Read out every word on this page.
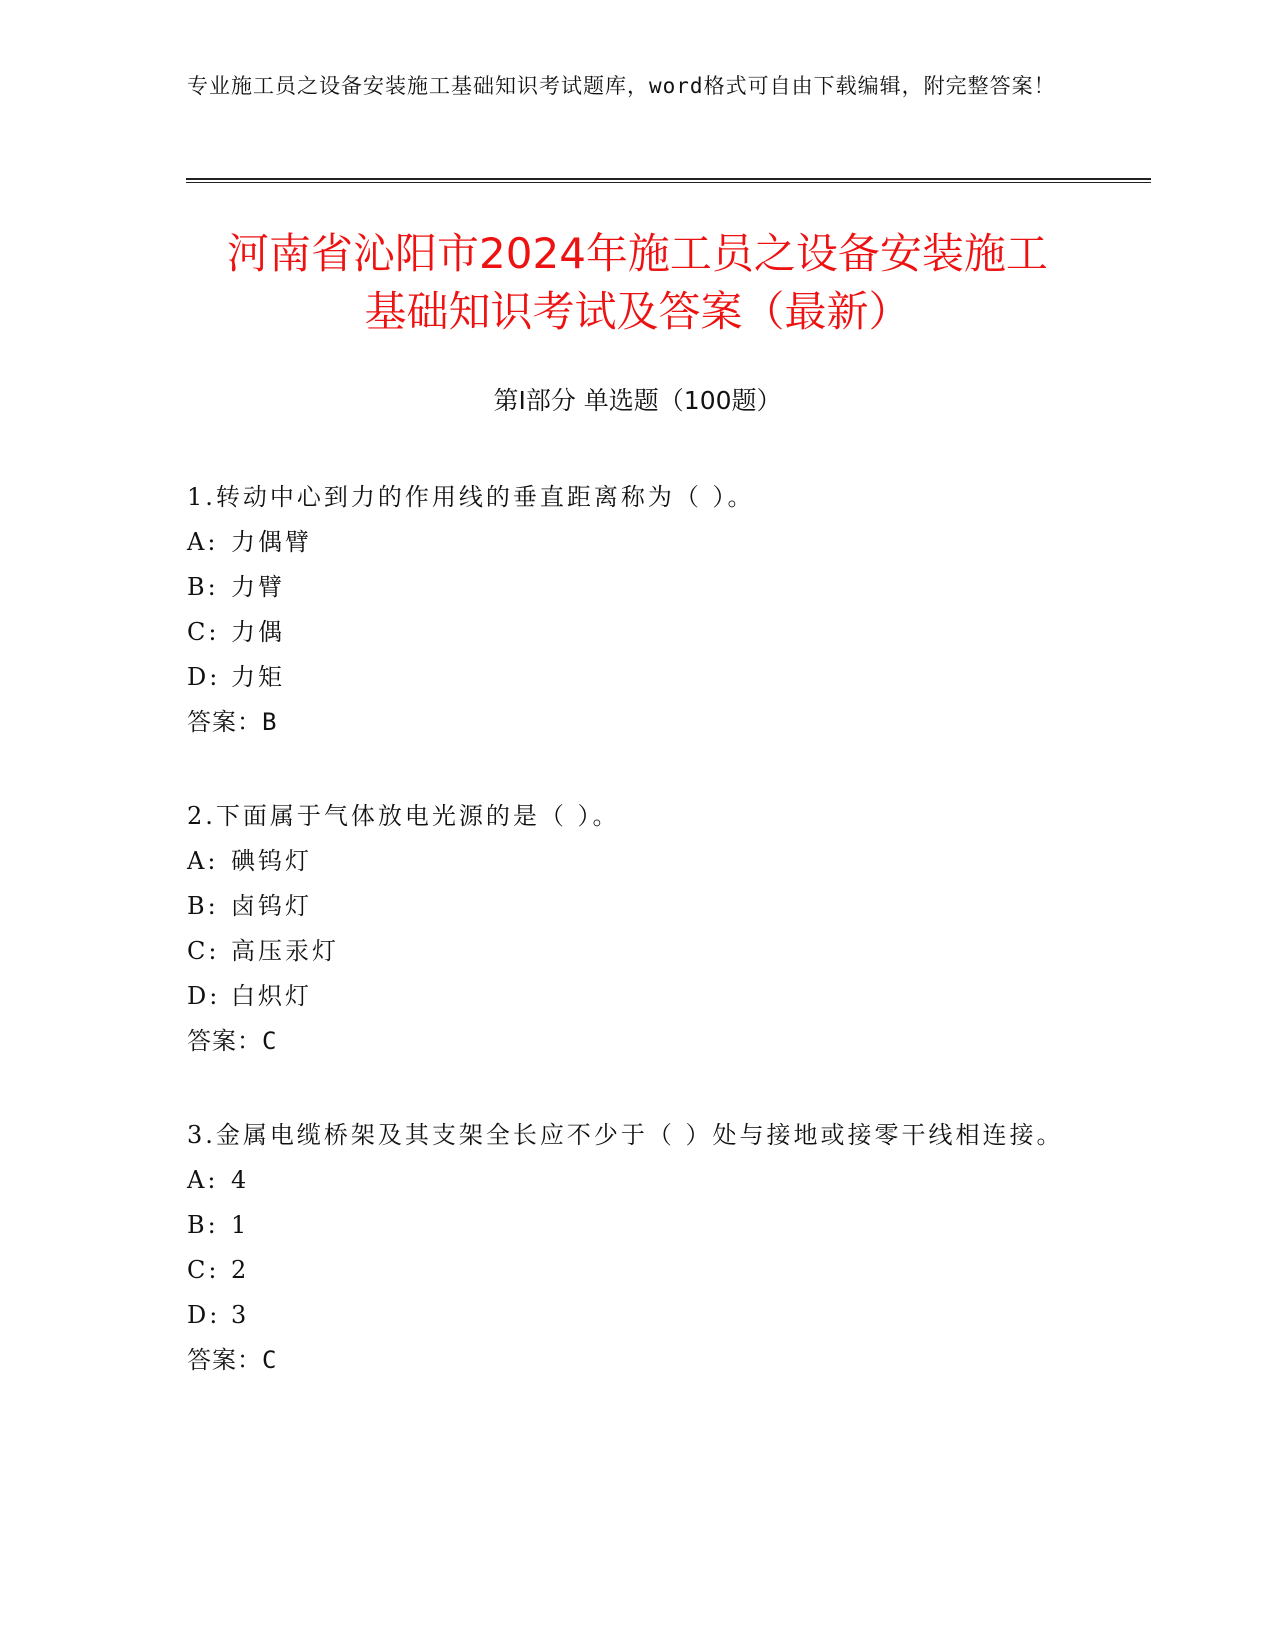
专业施工员之设备安装施工基础知识考试题库，word格式可自由下载编辑，附完整答案！
河南省沁阳市2024年施工员之设备安装施工
基础知识考试及答案（最新）
第Ⅰ部分 单选题（100题）
1.转动中心到力的作用线的垂直距离称为（ ）。
A: 力偶臂
B: 力臂
C: 力偶
D: 力矩
答案：B
2.下面属于气体放电光源的是（ ）。
A: 碘钨灯
B: 卤钨灯
C: 高压汞灯
D: 白炽灯
答案：C
3.金属电缆桥架及其支架全长应不少于（ ）处与接地或接零干线相连接。
A: 4
B: 1
C: 2
D: 3
答案：C
